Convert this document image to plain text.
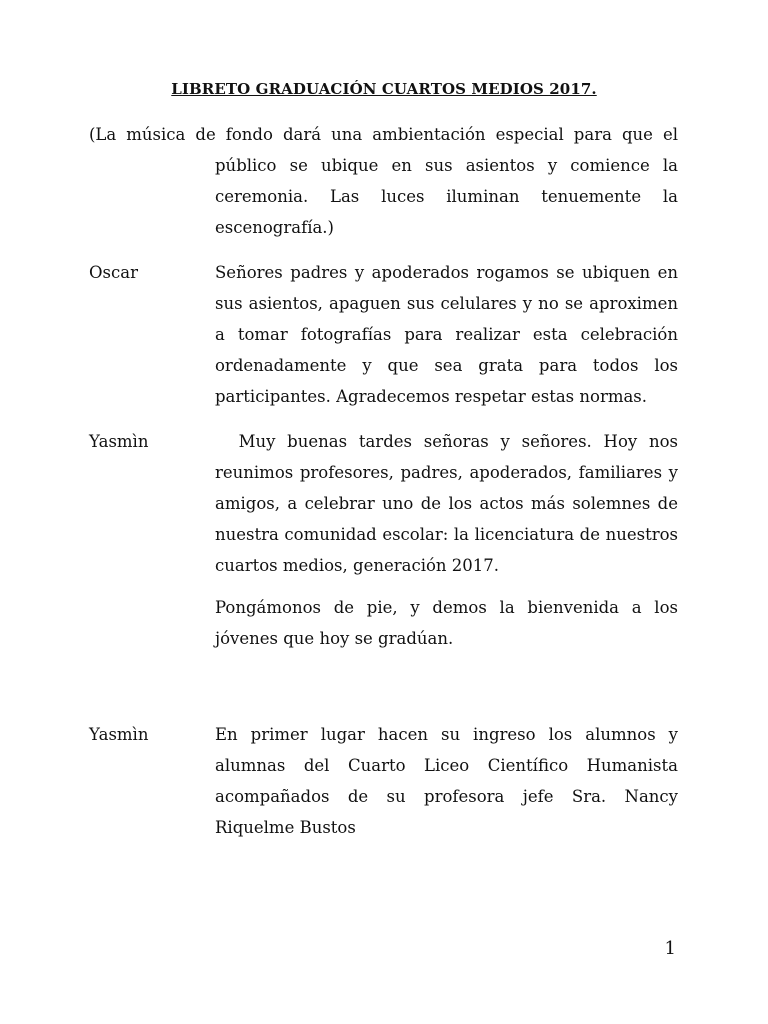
LIBRETO GRADUACIÓN CUARTOS MEDIOS 2017.
(La música de fondo dará una ambientación especial para que el público se ubique en sus asientos y comience la ceremonia. Las luces iluminan tenuemente la escenografía.)
Oscar	Señores padres y apoderados rogamos se ubiquen en sus asientos, apaguen sus celulares y no se aproximen a tomar fotografías para realizar esta celebración ordenadamente y que sea grata para todos los participantes. Agradecemos respetar estas normas.

Yasmìn	Muy buenas tardes señoras y señores. Hoy nos reunimos profesores, padres, apoderados, familiares y amigos, a celebrar uno de los actos más solemnes de nuestra comunidad escolar: la licenciatura de nuestros cuartos medios, generación 2017.

Pongámonos de pie, y demos la bienvenida a los jóvenes que hoy se gradúan.

Yasmìn	En primer lugar hacen su ingreso los alumnos y alumnas del Cuarto Liceo Científico Humanista acompañados de su profesora jefe Sra. Nancy Riquelme Bustos

1
